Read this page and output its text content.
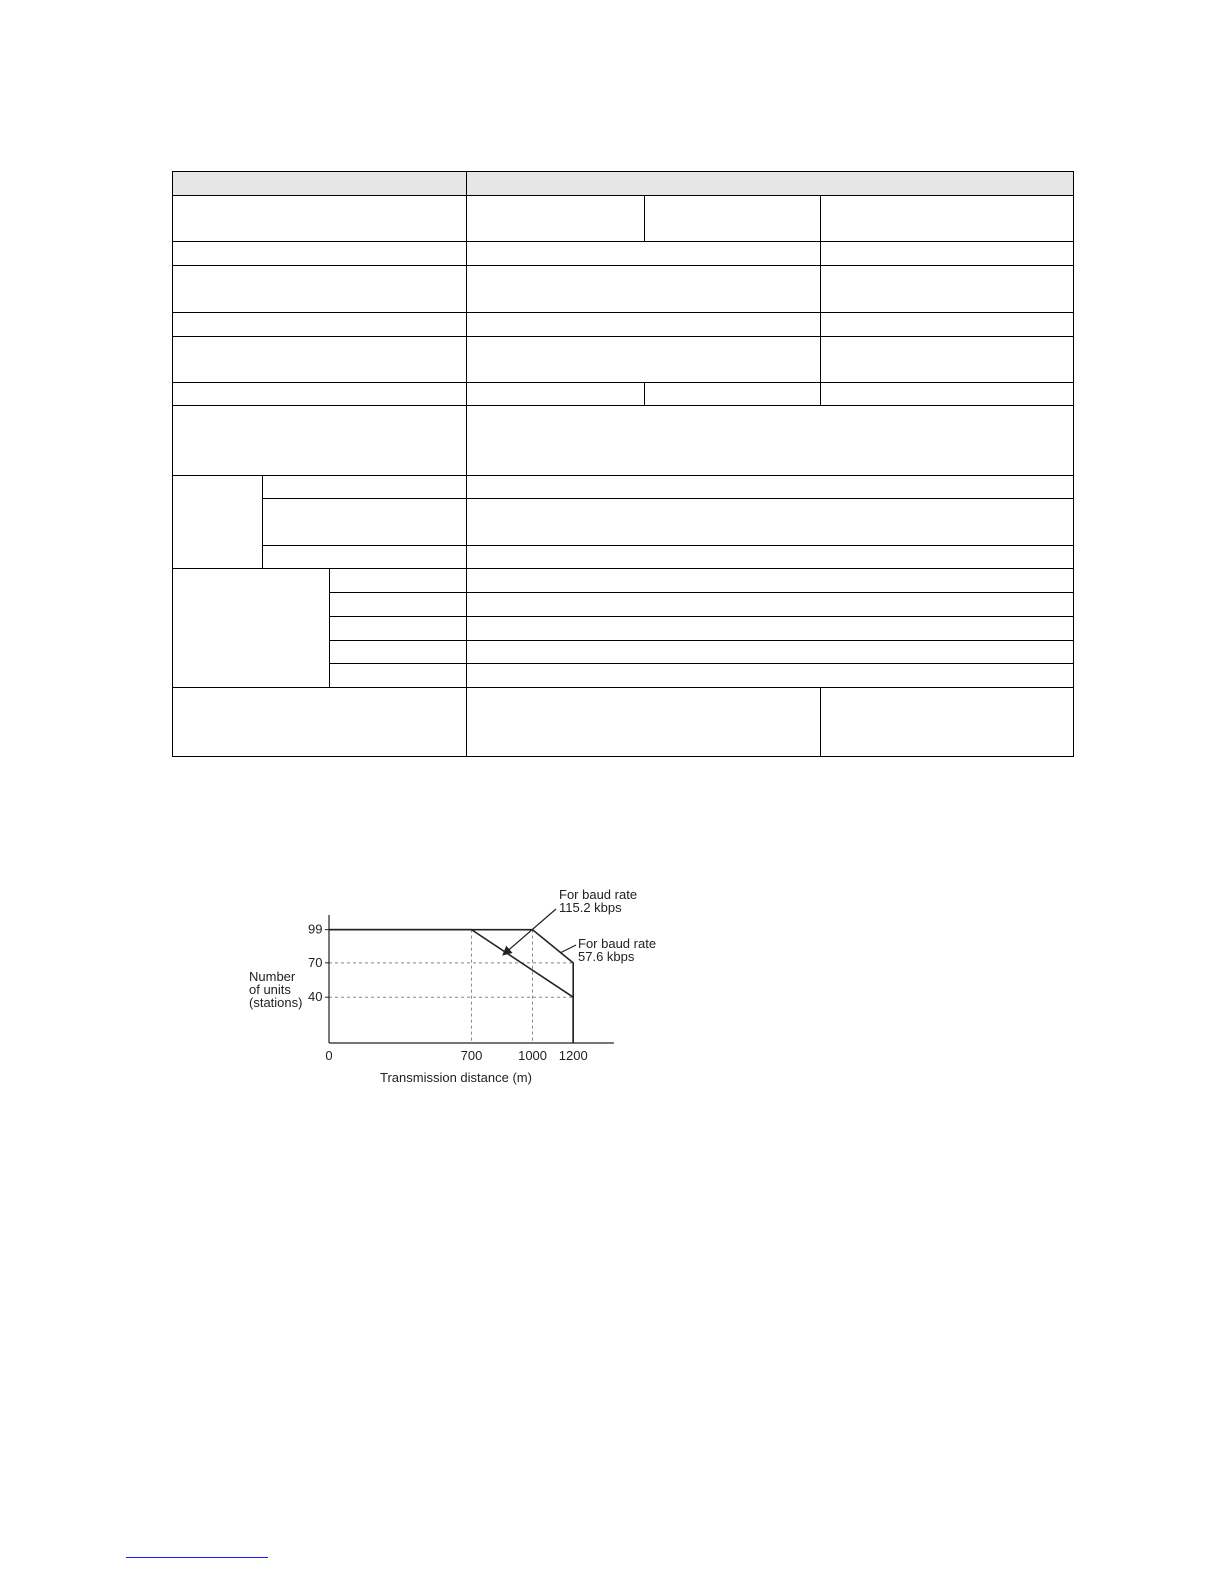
99
70
40
0	700	1000 1200
Number
of units
(stations)
Transmission distance (m)
For baud rate
115.2 kbps
For baud rate
57.6 kbps
